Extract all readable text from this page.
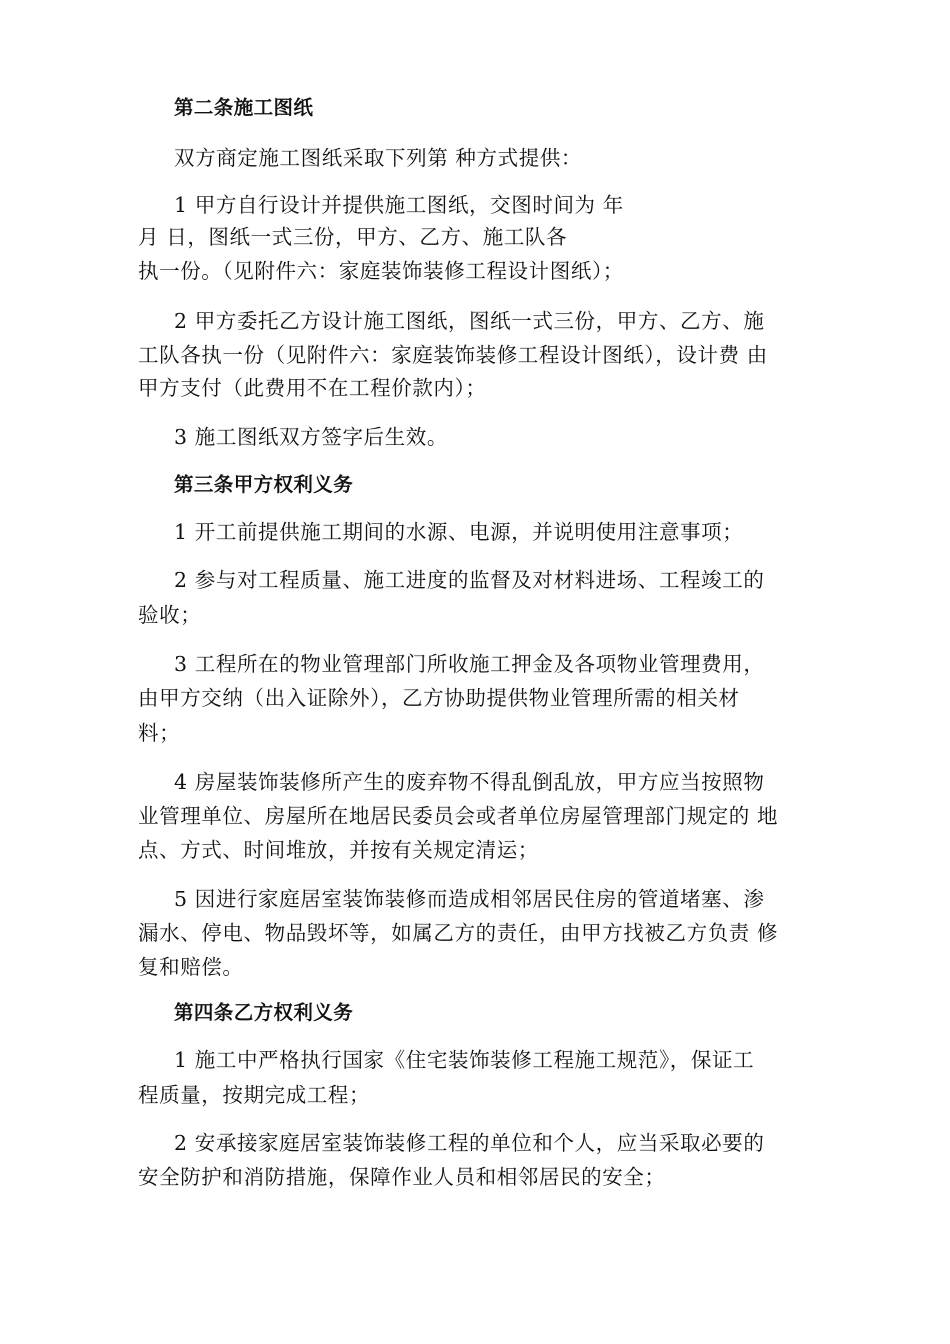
第二条施工图纸
双方商定施工图纸采取下列第 种方式提供：
1 甲方自行设计并提供施工图纸，交图时间为 年
月 日，图纸一式三份，甲方、乙方、施工队各
执一份。（见附件六：家庭装饰装修工程设计图纸）；
2 甲方委托乙方设计施工图纸，图纸一式三份，甲方、乙方、施
工队各执一份（见附件六：家庭装饰装修工程设计图纸），设计费 由
甲方支付（此费用不在工程价款内）；
3 施工图纸双方签字后生效。
第三条甲方权利义务
1 开工前提供施工期间的水源、电源，并说明使用注意事项；
2 参与对工程质量、施工进度的监督及对材料进场、工程竣工的
验收；
3 工程所在的物业管理部门所收施工押金及各项物业管理费用，
由甲方交纳（出入证除外），乙方协助提供物业管理所需的相关材
料；
4 房屋装饰装修所产生的废弃物不得乱倒乱放，甲方应当按照物
业管理单位、房屋所在地居民委员会或者单位房屋管理部门规定的 地
点、方式、时间堆放，并按有关规定清运；
5 因进行家庭居室装饰装修而造成相邻居民住房的管道堵塞、渗
漏水、停电、物品毁坏等，如属乙方的责任，由甲方找被乙方负责 修
复和赔偿。
第四条乙方权利义务
1 施工中严格执行国家《住宅装饰装修工程施工规范》，保证工
程质量，按期完成工程；
2 安承接家庭居室装饰装修工程的单位和个人，应当采取必要的
安全防护和消防措施，保障作业人员和相邻居民的安全；
